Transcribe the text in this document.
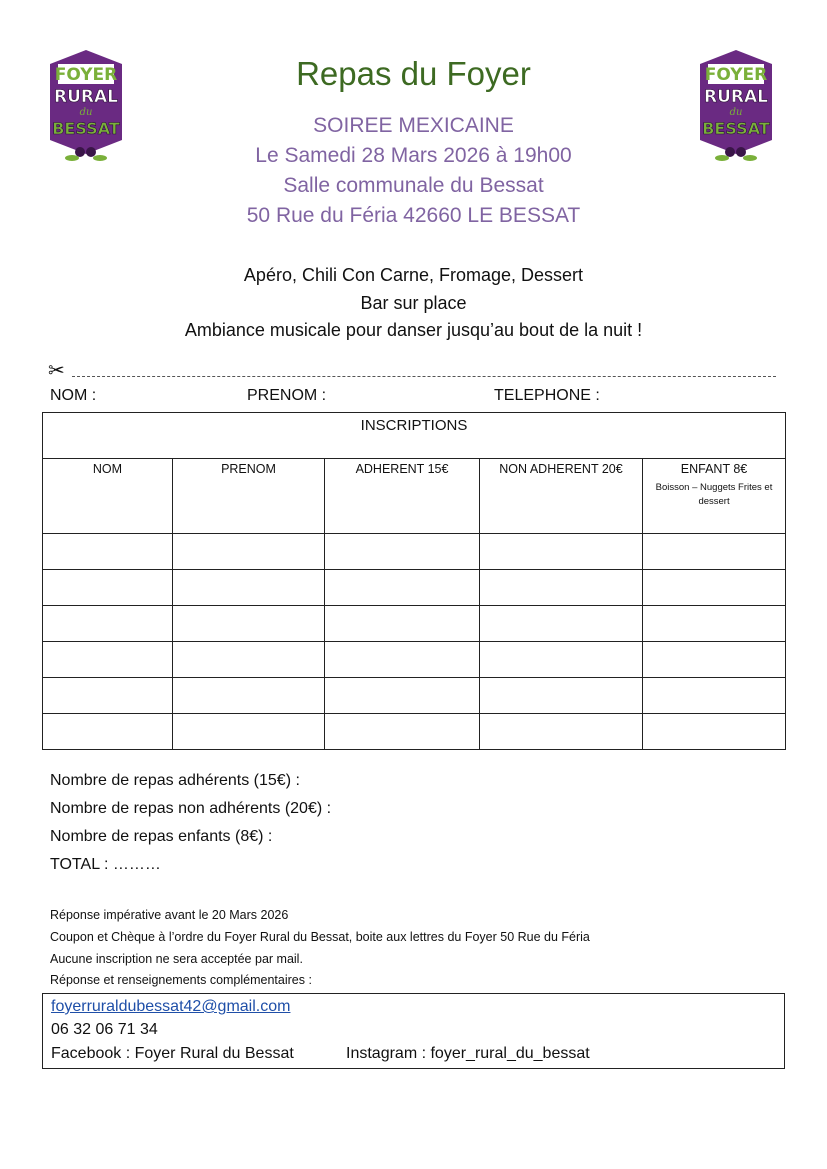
FOYER
RURAL
du
BESSAT
FOYER
RURAL
du
BESSAT
Repas du Foyer
SOIREE MEXICAINE
Le Samedi 28 Mars 2026 à 19h00
Salle communale du Bessat
50 Rue du Féria 42660 LE BESSAT
Apéro, Chili Con Carne, Fromage, Dessert
Bar sur place
Ambiance musicale pour danser jusqu’au bout de la nuit !
✂
NOM :	PRENOM :	TELEPHONE :
INSCRIPTIONS				
NOM	PRENOM	ADHERENT 15€	NON ADHERENT 20€	ENFANT 8€
Boisson – Nuggets Frites et dessert

Nombre de repas adhérents (15€) :
Nombre de repas non adhérents (20€) :
Nombre de repas enfants (8€) :
TOTAL : ………
Réponse impérative avant le 20 Mars 2026
Coupon et Chèque à l’ordre du Foyer Rural du Bessat, boite aux lettres du Foyer 50 Rue du Féria
Aucune inscription ne sera acceptée par mail.
Réponse et renseignements complémentaires :
foyerruraldubessat42@gmail.com
06 32 06 71 34
Facebook : Foyer Rural du Bessat	Instagram : foyer_rural_du_bessat
